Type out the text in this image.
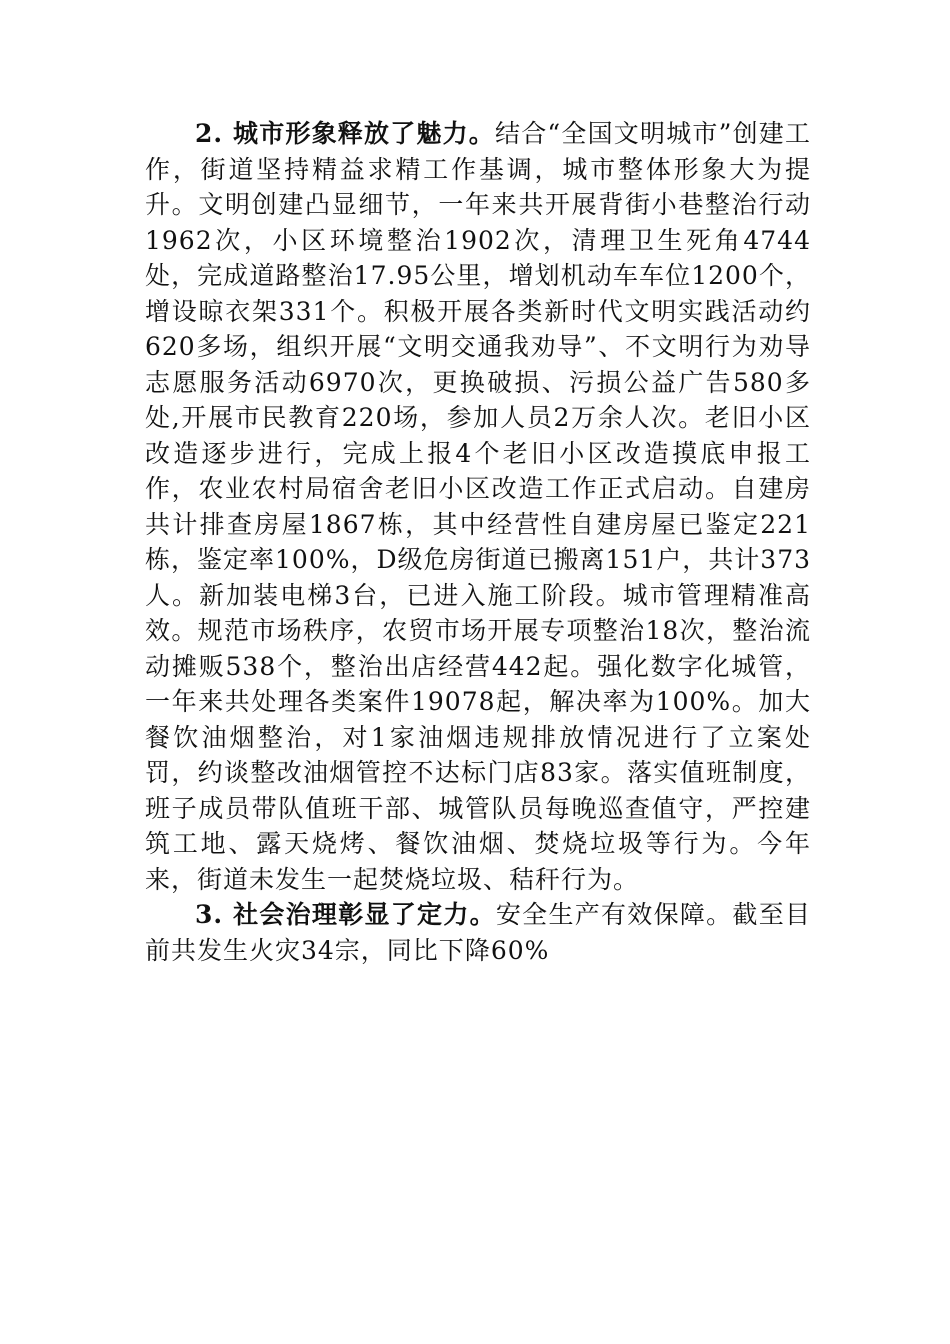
2. 城市形象释放了魅力。结合“全国文明城市”创建工作，街道坚持精益求精工作基调，城市整体形象大为提升。文明创建凸显细节，一年来共开展背街小巷整治行动1962次，小区环境整治1902次，清理卫生死角4744处，完成道路整治17.95公里，增划机动车车位1200个，增设晾衣架331个。积极开展各类新时代文明实践活动约620多场，组织开展“文明交通我劝导”、不文明行为劝导志愿服务活动6970次，更换破损、污损公益广告580多处,开展市民教育220场，参加人员2万余人次。老旧小区改造逐步进行，完成上报4个老旧小区改造摸底申报工作，农业农村局宿舍老旧小区改造工作正式启动。自建房共计排查房屋1867栋，其中经营性自建房屋已鉴定221栋，鉴定率100%，D级危房街道已搬离151户，共计373人。新加装电梯3台，已进入施工阶段。城市管理精准高效。规范市场秩序，农贸市场开展专项整治18次，整治流动摊贩538个，整治出店经营442起。强化数字化城管，一年来共处理各类案件19078起，解决率为100%。加大餐饮油烟整治，对1家油烟违规排放情况进行了立案处罚，约谈整改油烟管控不达标门店83家。落实值班制度，班子成员带队值班干部、城管队员每晚巡查值守，严控建筑工地、露天烧烤、餐饮油烟、焚烧垃圾等行为。今年来，街道未发生一起焚烧垃圾、秸秆行为。

3. 社会治理彰显了定力。安全生产有效保障。截至目前共发生火灾34宗，同比下降60%
